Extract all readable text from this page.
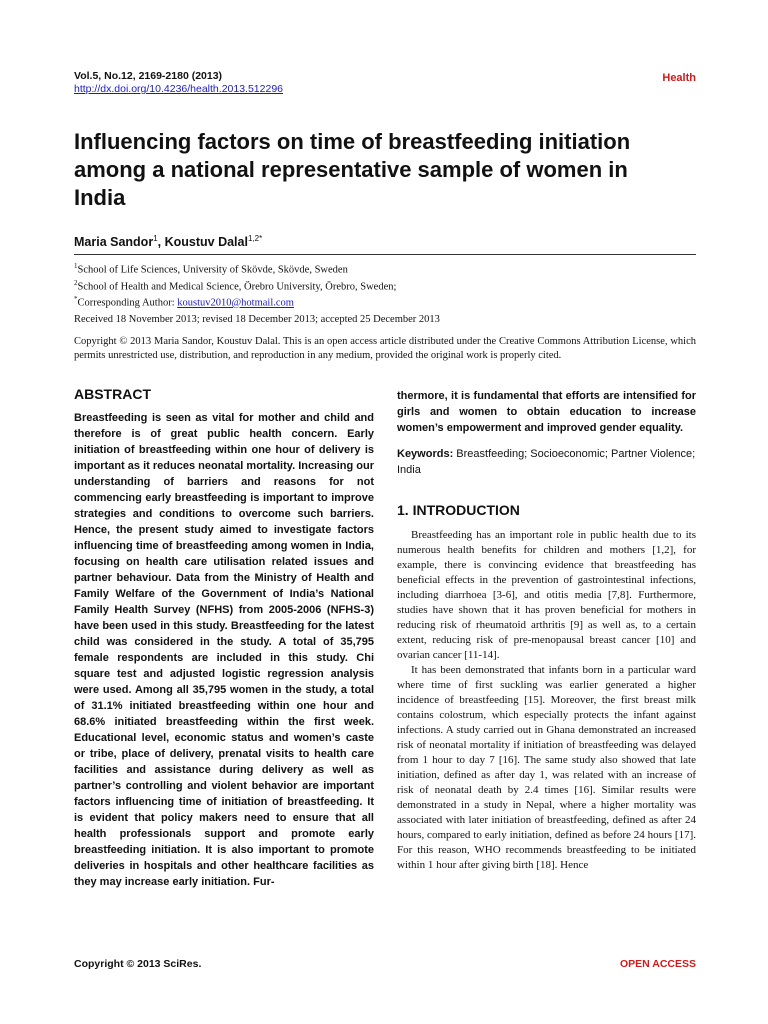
Vol.5, No.12, 2169-2180 (2013)
http://dx.doi.org/10.4236/health.2013.512296
Health
Influencing factors on time of breastfeeding initiation among a national representative sample of women in India
Maria Sandor$^1$, Koustuv Dalal$^{1,2*}$
$^1$School of Life Sciences, University of Skövde, Skövde, Sweden
$^2$School of Health and Medical Science, Örebro University, Örebro, Sweden;
*Corresponding Author: koustuv2010@hotmail.com
Received 18 November 2013; revised 18 December 2013; accepted 25 December 2013
Copyright © 2013 Maria Sandor, Koustuv Dalal. This is an open access article distributed under the Creative Commons Attribution License, which permits unrestricted use, distribution, and reproduction in any medium, provided the original work is properly cited.
ABSTRACT

Breastfeeding is seen as vital for mother and child and therefore is of great public health concern. Early initiation of breastfeeding within one hour of delivery is important as it reduces neonatal mortality. Increasing our understanding of barriers and reasons for not commencing early breastfeeding is important to improve strategies and conditions to overcome such barriers. Hence, the present study aimed to investigate factors influencing time of breastfeeding among women in India, focusing on health care utilisation related issues and partner behaviour. Data from the Ministry of Health and Family Welfare of the Government of India’s National Family Health Survey (NFHS) from 2005-2006 (NFHS-3) have been used in this study. Breastfeeding for the latest child was considered in the study. A total of 35,795 female respondents are included in this study. Chi square test and adjusted logistic regression analysis were used. Among all 35,795 women in the study, a total of 31.1% initiated breastfeeding within one hour and 68.6% initiated breastfeeding within the first week. Educational level, economic status and women’s caste or tribe, place of delivery, prenatal visits to health care facilities and assistance during delivery as well as partner’s controlling and violent behavior are important factors influencing time of initiation of breastfeeding. It is evident that policy makers need to ensure that all health professionals support and promote early breastfeeding initiation. It is also important to promote deliveries in hospitals and other healthcare facilities as they may increase early initiation. Fur-

thermore, it is fundamental that efforts are intensified for girls and women to obtain education to increase women’s empowerment and improved gender equality.

Keywords: Breastfeeding; Socioeconomic; Partner Violence; India
1. INTRODUCTION

Breastfeeding has an important role in public health due to its numerous health benefits for children and mothers [1,2], for example, there is convincing evidence that breastfeeding has beneficial effects in the prevention of gastrointestinal infections, including diarrhoea [3-6], and otitis media [7,8]. Furthermore, studies have shown that it has proven beneficial for mothers in reducing risk of rheumatoid arthritis [9] as well as, to a certain extent, reducing risk of pre-menopausal breast cancer [10] and ovarian cancer [11-14].

It has been demonstrated that infants born in a particular ward where time of first suckling was earlier generated a higher incidence of breastfeeding [15]. Moreover, the first breast milk contains colostrum, which especially protects the infant against infections. A study carried out in Ghana demonstrated an increased risk of neonatal mortality if initiation of breastfeeding was delayed from 1 hour to day 7 [16]. The same study also showed that late initiation, defined as after day 1, was related with an increase of risk of neonatal death by 2.4 times [16]. Similar results were demonstrated in a study in Nepal, where a higher mortality was associated with later initiation of breastfeeding, defined as after 24 hours, compared to early initiation, defined as before 24 hours [17]. For this reason, WHO recommends breastfeeding to be initiated within 1 hour after giving birth [18]. Hence

Copyright © 2013 SciRes.	OPEN ACCESS
